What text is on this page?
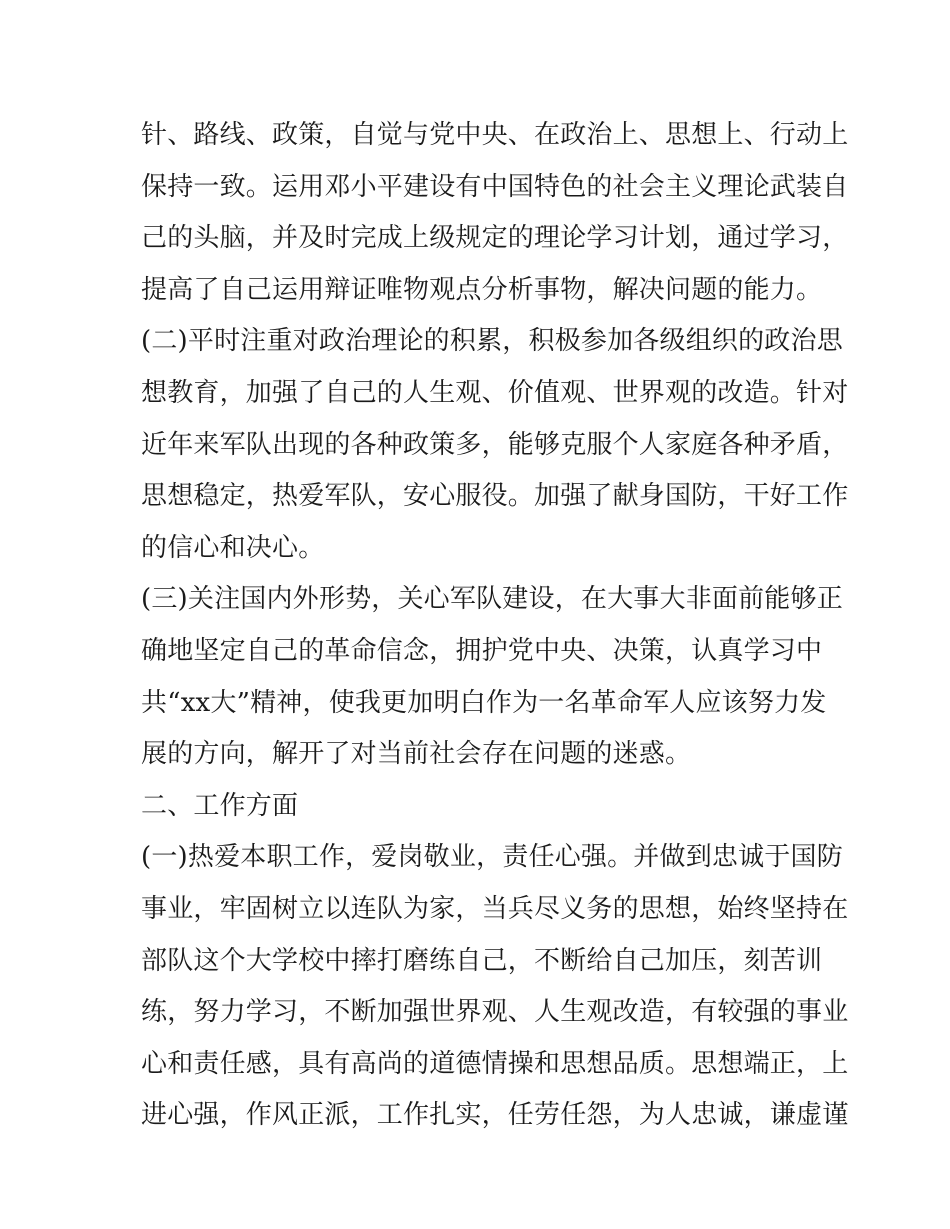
针、路线、政策，自觉与党中央、在政治上、思想上、行动上
保持一致。运用邓小平建设有中国特色的社会主义理论武装自
己的头脑，并及时完成上级规定的理论学习计划，通过学习，
提高了自己运用辩证唯物观点分析事物，解决问题的能力。
(二)平时注重对政治理论的积累，积极参加各级组织的政治思
想教育，加强了自己的人生观、价值观、世界观的改造。针对
近年来军队出现的各种政策多，能够克服个人家庭各种矛盾，
思想稳定，热爱军队，安心服役。加强了献身国防，干好工作
的信心和决心。
(三)关注国内外形势，关心军队建设，在大事大非面前能够正
确地坚定自己的革命信念，拥护党中央、决策，认真学习中
共“xx大”精神，使我更加明白作为一名革命军人应该努力发
展的方向，解开了对当前社会存在问题的迷惑。
二、工作方面
(一)热爱本职工作，爱岗敬业，责任心强。并做到忠诚于国防
事业，牢固树立以连队为家，当兵尽义务的思想，始终坚持在
部队这个大学校中摔打磨练自己，不断给自己加压，刻苦训
练，努力学习，不断加强世界观、人生观改造，有较强的事业
心和责任感，具有高尚的道德情操和思想品质。思想端正，上
进心强，作风正派，工作扎实，任劳任怨，为人忠诚，谦虚谨
